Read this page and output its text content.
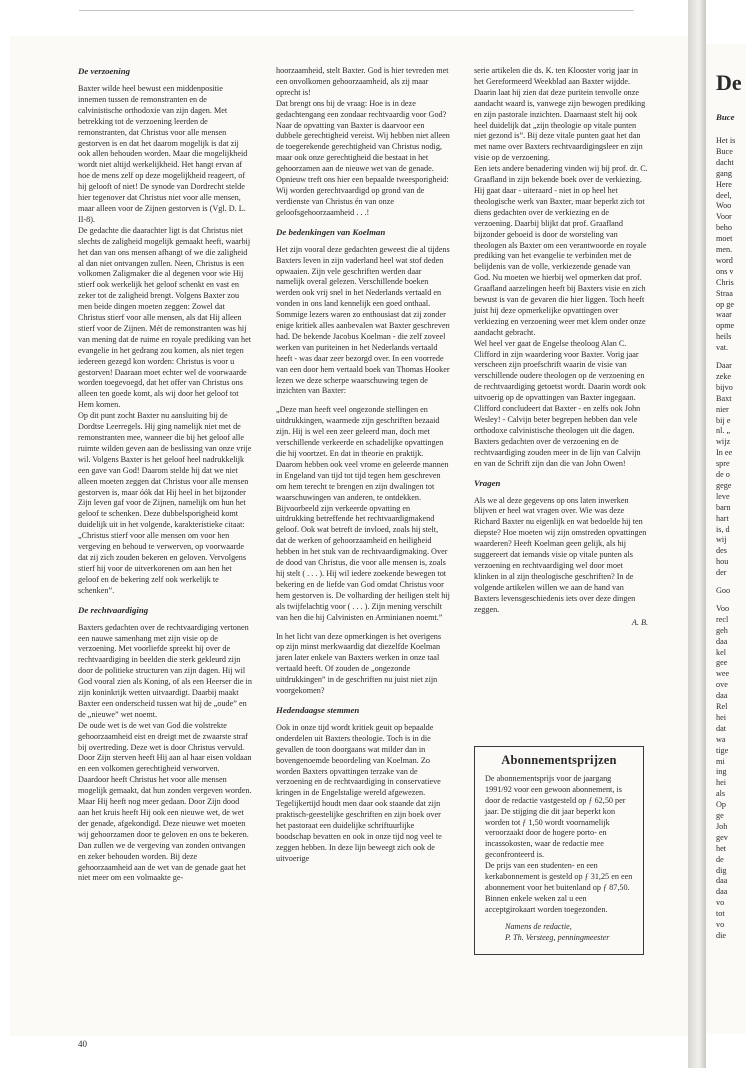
De verzoening

Baxter wilde heel bewust een middenpositie innemen tussen de remonstranten en de calvinistische orthodoxie van zijn dagen. Met betrekking tot de verzoening leerden de remonstranten, dat Christus voor alle mensen gestorven is en dat het daarom mogelijk is dat zij ook allen behouden worden. Maar die mogelijkheid wordt niet altijd werkelijkheid. Het hangt ervan af hoe de mens zelf op deze mogelijkheid reageert, of hij gelooft of niet! De synode van Dordrecht stelde hier tegenover dat Christus niet voor alle mensen, maar alleen voor de Zijnen gestorven is (Vgl. D. L. II-8).

De gedachte die daarachter ligt is dat Christus niet slechts de zaligheid mogelijk gemaakt heeft, waarbij het dan van ons mensen afhangt of we die zaligheid al dan niet ontvangen zullen. Neen, Christus is een volkomen Zaligmaker die al degenen voor wie Hij stierf ook werkelijk het geloof schenkt en vast en zeker tot de zaligheid brengt. Volgens Baxter zou men beide dingen moeten zeggen: Zowel dat Christus stierf voor alle mensen, als dat Hij alleen stierf voor de Zijnen. Mét de remonstranten was hij van mening dat de ruime en royale prediking van het evangelie in het gedrang zou komen, als niet tegen iedereen gezegd kon worden: Christus is voor u gestorven! Daaraan moet echter wel de voorwaarde worden toegevoegd, dat het offer van Christus ons alleen ten goede komt, als wij door het geloof tot Hem komen.

Op dit punt zocht Baxter nu aansluiting bij de Dordtse Leerregels. Hij ging namelijk niet met de remonstranten mee, wanneer die bij het geloof alle ruimte wilden geven aan de beslissing van onze vrije wil. Volgens Baxter is het geloof heel nadrukkelijk een gave van God! Daarom stelde hij dat we niet alleen moeten zeggen dat Christus voor alle mensen gestorven is, maar óók dat Hij heel in het bijzonder Zijn leven gaf voor de Zijnen, namelijk om hun het geloof te schenken. Deze dubbelsporigheid komt duidelijk uit in het volgende, karakteristieke citaat: „Christus stierf voor alle mensen om voor hen vergeving en behoud te verwerven, op voorwaarde dat zij zich zouden bekeren en geloven. Vervolgens stierf hij voor de uitverkorenen om aan hen het geloof en de bekering zelf ook werkelijk te schenken”.

De rechtvaardiging

Baxters gedachten over de rechtvaardiging vertonen een nauwe samenhang met zijn visie op de verzoening. Met voorliefde spreekt hij over de rechtvaardiging in beelden die sterk gekleurd zijn door de politieke structuren van zijn dagen. Hij wil God vooral zien als Koning, of als een Heerser die in zijn koninkrijk wetten uitvaardigt. Daarbij maakt Baxter een onderscheid tussen wat hij de „oude” en de „nieuwe” wet noemt.

De oude wet is de wet van God die volstrekte gehoorzaamheid eist en dreigt met de zwaarste straf bij overtreding. Deze wet is door Christus vervuld. Door Zijn sterven heeft Hij aan al haar eisen voldaan en een volkomen gerechtigheid verworven. Daardoor heeft Christus het voor alle mensen mogelijk gemaakt, dat hun zonden vergeven worden. Maar Hij heeft nog meer gedaan. Door Zijn dood aan het kruis heeft Hij ook een nieuwe wet, de wet der genade, afgekondigd. Deze nieuwe wet moeten wij gehoorzamen door te geloven en ons te bekeren. Dan zullen we de vergeving van zonden ontvangen en zeker behouden worden. Bij deze gehoorzaamheid aan de wet van de genade gaat het niet meer om een volmaakte ge-

hoorzaamheid, stelt Baxter. God is hier tevreden met een onvolkomen gehoorzaamheid, als zij maar oprecht is!

Dat brengt ons bij de vraag: Hoe is in deze gedachtengang een zondaar rechtvaardig voor God? Naar de opvatting van Baxter is daarvoor een dubbele gerechtigheid vereist. Wij hebben niet alleen de toegerekende gerechtigheid van Christus nodig, maar ook onze gerechtigheid die bestaat in het gehoorzamen aan de nieuwe wet van de genade. Opnieuw treft ons hier een bepaalde tweesporigheid: Wij worden gerechtvaardigd op grond van de verdienste van Christus én van onze geloofsgehoorzaamheid . . .!

De bedenkingen van Koelman

Het zijn vooral deze gedachten geweest die al tijdens Baxters leven in zijn vaderland heel wat stof deden opwaaien. Zijn vele geschriften werden daar namelijk overal gelezen. Verschillende boeken werden ook vrij snel in het Nederlands vertaald en vonden in ons land kennelijk een goed onthaal. Sommige lezers waren zo enthousiast dat zij zonder enige kritiek alles aanbevalen wat Baxter geschreven had. De bekende Jacobus Koelman - die zelf zoveel werken van puriteinen in het Nederlands vertaald heeft - was daar zeer bezorgd over. In een voorrede van een door hem vertaald boek van Thomas Hooker lezen we deze scherpe waarschuwing tegen de inzichten van Baxter:

„Deze man heeft veel ongezonde stellingen en uitdrukkingen, waarmede zijn geschriften bezaaid zijn. Hij is wel een zeer geleerd man, doch met verschillende verkeerde en schadelijke opvattingen die hij voortzet. En dat in theorie en praktijk. Daarom hebben ook veel vrome en geleerde mannen in Engeland van tijd tot tijd tegen hem geschreven om hem terecht te brengen en zijn dwalingen tot waarschuwingen van anderen, te ontdekken. Bijvoorbeeld zijn verkeerde opvatting en uitdrukking betreffende het rechtvaardigmakend geloof. Ook wat betreft de invloed, zoals hij stelt, dat de werken of gehoorzaamheid en heiligheid hebben in het stuk van de rechtvaardigmaking. Over de dood van Christus, die voor alle mensen is, zoals hij stelt ( . . . ). Hij wil iedere zoekende bewegen tot bekering en de liefde van God omdat Christus voor hem gestorven is. De volharding der heiligen stelt hij als twijfelachtig voor ( . . . ). Zijn mening verschilt van hen die hij Calvinisten en Arminianen noemt.”

In het licht van deze opmerkingen is het overigens op zijn minst merkwaardig dat diezelfde Koelman jaren later enkele van Baxters werken in onze taal vertaald heeft. Of zouden de „ongezonde uitdrukkingen” in de geschriften nu juist niet zijn voorgekomen?

Hedendaagse stemmen

Ook in onze tijd wordt kritiek geuit op bepaalde onderdelen uit Baxters theologie. Toch is in die gevallen de toon doorgaans wat milder dan in bovengenoemde beoordeling van Koelman. Zo worden Baxters opvattingen terzake van de verzoening en de rechtvaardiging in conservatieve kringen in de Engelstalige wereld afgewezen. Tegelijkertijd houdt men daar ook staande dat zijn praktisch-geestelijke geschriften en zijn boek over het pastoraat een duidelijke schriftuurlijke boodschap bevatten en ook in onze tijd nog veel te zeggen hebben. In deze lijn beweegt zich ook de uitvoerige

serie artikelen die ds. K. ten Klooster vorig jaar in het Gereformeerd Weekblad aan Baxter wijdde. Daarin laat hij zien dat deze puritein tenvolle onze aandacht waard is, vanwege zijn bewogen prediking en zijn pastorale inzichten. Daarnaast stelt hij ook heel duidelijk dat „zijn theologie op vitale punten niet gezond is”. Bij deze vitale punten gaat het dan met name over Baxters rechtvaardigingsleer en zijn visie op de verzoening.

Een iets andere benadering vinden wij bij prof. dr. C. Graafland in zijn bekende boek over de verkiezing. Hij gaat daar - uiteraard - niet in op heel het theologische werk van Baxter, maar beperkt zich tot diens gedachten over de verkiezing en de verzoening. Daarbij blijkt dat prof. Graafland bijzonder geboeid is door de worsteling van theologen als Baxter om een verantwoorde en royale prediking van het evangelie te verbinden met de belijdenis van de volle, verkiezende genade van God. Nu moeten we hierbij wel opmerken dat prof. Graafland aarzelingen heeft bij Baxters visie en zich bewust is van de gevaren die hier liggen. Toch heeft juist hij deze opmerkelijke opvattingen over verkiezing en verzoening weer met klem onder onze aandacht gebracht.

Wel heel ver gaat de Engelse theoloog Alan C. Clifford in zijn waardering voor Baxter. Vorig jaar verscheen zijn proefschrift waarin de visie van verschillende oudere theologen op de verzoening en de rechtvaardiging getoetst wordt. Daarin wordt ook uitvoerig op de opvattingen van Baxter ingegaan. Clifford concludeert dat Baxter - en zelfs ook John Wesley! - Calvijn beter begrepen hebben dan vele orthodoxe calvinistische theologen uit die dagen. Baxters gedachten over de verzoening en de rechtvaardiging zouden meer in de lijn van Calvijn en van de Schrift zijn dan die van John Owen!

Vragen

Als we al deze gegevens op ons laten inwerken blijven er heel wat vragen over. Wie was deze Richard Baxter nu eigenlijk en wat bedoelde hij ten diepste? Hoe moeten wij zijn omstreden opvattingen waarderen? Heeft Koelman geen gelijk, als hij suggereert dat iemands visie op vitale punten als verzoening en rechtvaardiging wel door moet klinken in al zijn theologische geschriften? In de volgende artikelen willen we aan de hand van Baxters levensgeschiedenis iets over deze dingen zeggen.

A. B.

Abonnementsprijzen

De abonnementsprijs voor de jaargang 1991/92 voor een gewoon abonnement, is door de redactie vastgesteld op ƒ 62,50 per jaar. De stijging die dit jaar beperkt kon worden tot ƒ 1,50 wordt voornamelijk veroorzaakt door de hogere porto- en incassokosten, waar de redactie mee geconfronteerd is.

De prijs van een studenten- en een kerkabonnement is gesteld op ƒ 31,25 en een abonnement voor het buitenland op ƒ 87,50.

Binnen enkele weken zal u een acceptgirokaart worden toegezonden.

Namens de redactie,
P. Th. Versteeg, penningmeester
40
De
Buce
Het is
Buce
dacht
gang
Here
deel,
Woo
Voor
beho
moet
men.
word
ons v
Chris
Straa
op ge
waar
opme
heils
vat.
Daar
zeke
bijvo
Baxt
nier
bij e
nl. „
wijz
In ee
spre
de o
gege
leve
barn
hart
is, d
wij
des
hou
der
Goo
Voo
recl
geh
daa
kel
gee
wee
ove
daa
Rel
hei
dat
wa
tige
mi
ing
hei
als
Op
ge
Joh
gev
het
de
dig
daa
daa
vo
tot
vo
die
